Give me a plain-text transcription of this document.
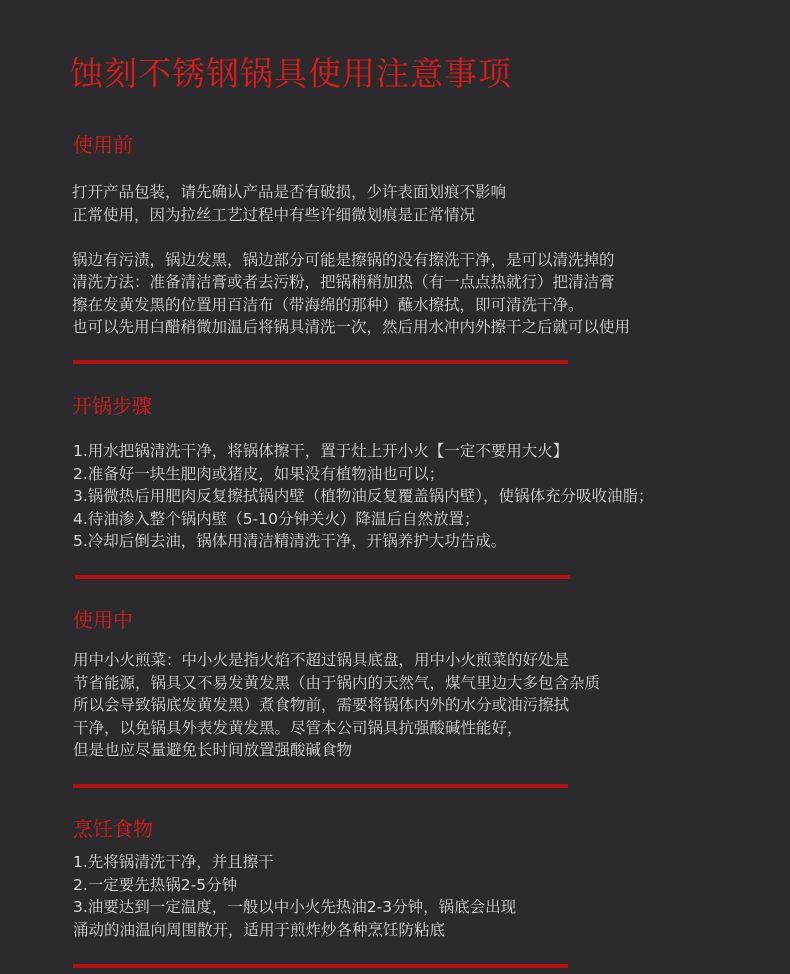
蚀刻不锈钢锅具使用注意事项
使用前
打开产品包装，请先确认产品是否有破损，少许表面划痕不影响
正常使用，因为拉丝工艺过程中有些许细微划痕是正常情况
锅边有污渍，锅边发黑，锅边部分可能是擦锅的没有擦洗干净，是可以清洗掉的
清洗方法：准备清洁膏或者去污粉，把锅稍稍加热（有一点点热就行）把清洁膏
擦在发黄发黑的位置用百洁布（带海绵的那种）蘸水擦拭，即可清洗干净。
也可以先用白醋稍微加温后将锅具清洗一次，然后用水冲内外擦干之后就可以使用
开锅步骤
1.用水把锅清洗干净，将锅体擦干，置于灶上开小火【一定不要用大火】
2.准备好一块生肥肉或猪皮，如果没有植物油也可以；
3.锅微热后用肥肉反复擦拭锅内壁（植物油反复覆盖锅内壁），使锅体充分吸收油脂；
4.待油渗入整个锅内壁（5-10分钟关火）降温后自然放置；
5.冷却后倒去油，锅体用清洁精清洗干净，开锅养护大功告成。
使用中
用中小火煎菜：中小火是指火焰不超过锅具底盘，用中小火煎菜的好处是
节省能源，锅具又不易发黄发黑（由于锅内的天然气，煤气里边大多包含杂质
所以会导致锅底发黄发黑）煮食物前，需要将锅体内外的水分或油污擦拭
干净，以免锅具外表发黄发黑。尽管本公司锅具抗强酸碱性能好，
但是也应尽量避免长时间放置强酸碱食物
烹饪食物
1.先将锅清洗干净，并且擦干
2.一定要先热锅2-5分钟
3.油要达到一定温度，一般以中小火先热油2-3分钟，锅底会出现
涌动的油温向周围散开，适用于煎炸炒各种烹饪防粘底
